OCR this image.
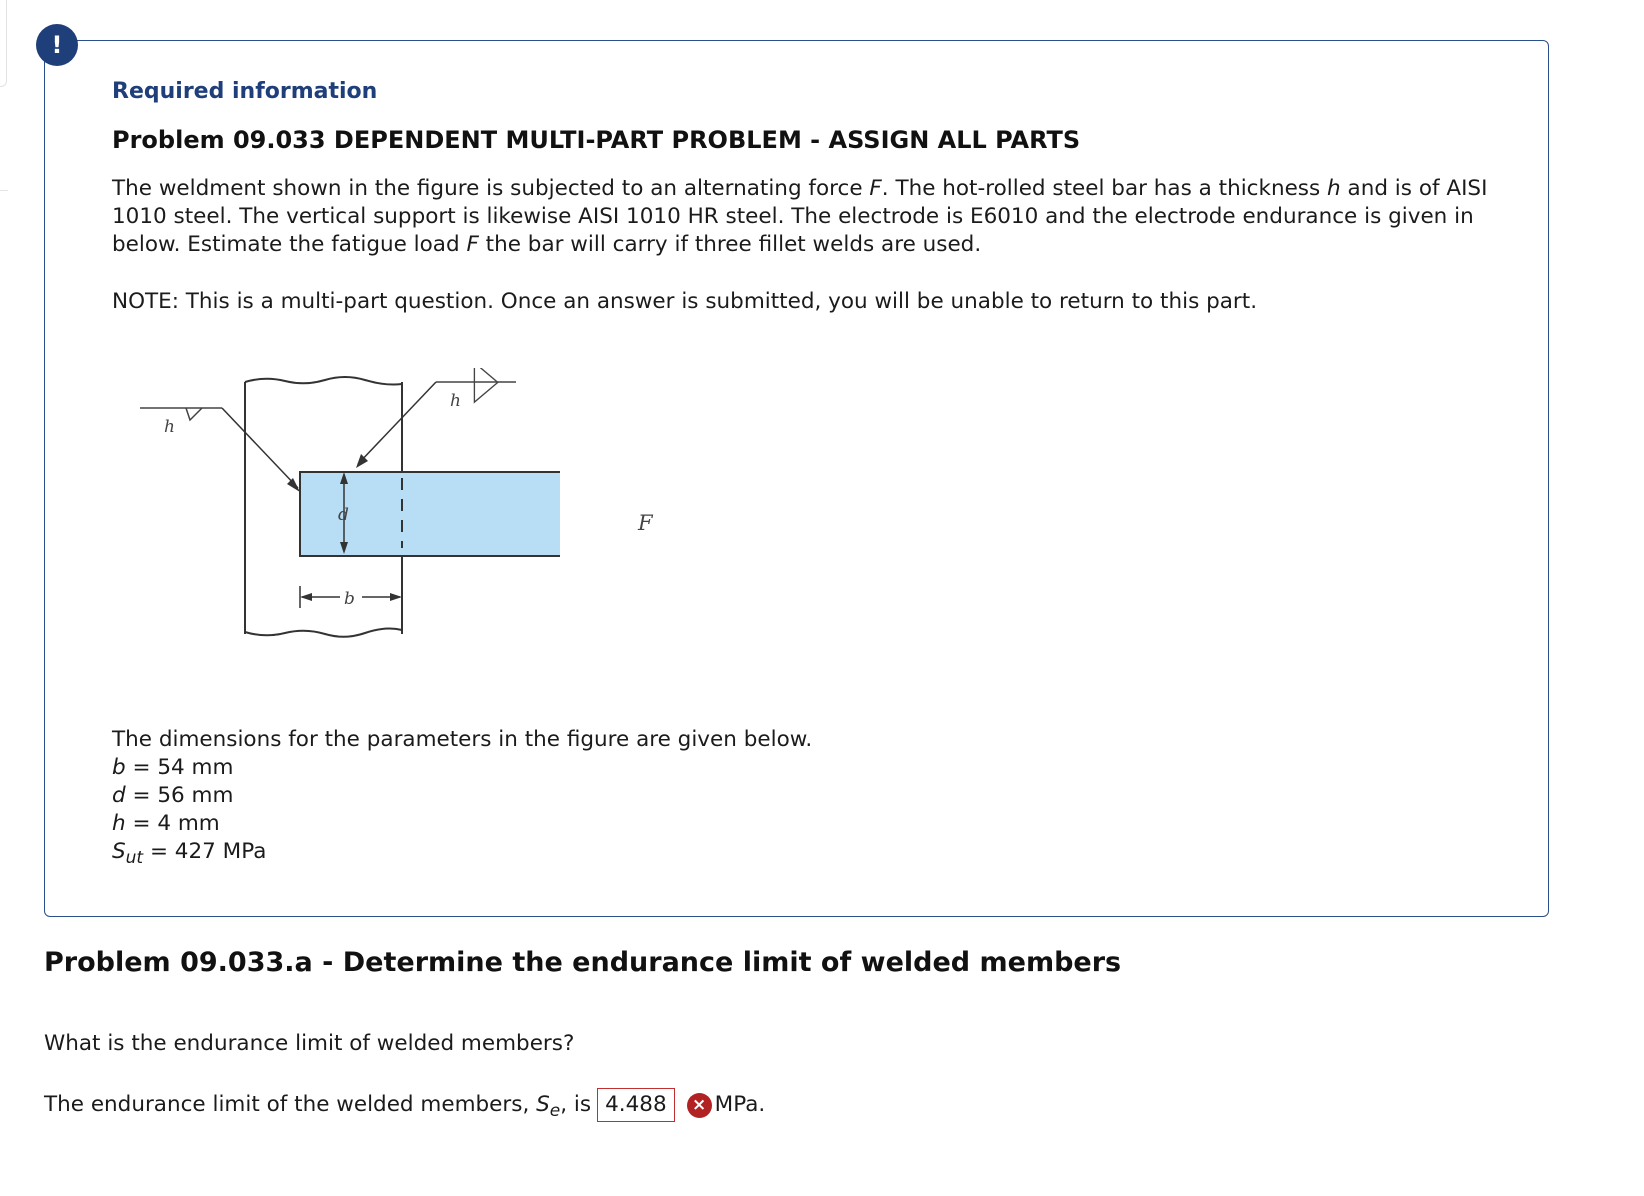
!
Required information
Problem 09.033 DEPENDENT MULTI-PART PROBLEM - ASSIGN ALL PARTS

The weldment shown in the figure is subjected to an alternating force F. The hot-rolled steel bar has a thickness h and is of AISI 1010 steel. The vertical support is likewise AISI 1010 HR steel. The electrode is E6010 and the electrode endurance is given in below. Estimate the fatigue load F the bar will carry if three fillet welds are used.

NOTE: This is a multi-part question. Once an answer is submitted, you will be unable to return to this part.

d
b
h
h
F
The dimensions for the parameters in the figure are given below.
b = 54 mm
d = 56 mm
h = 4 mm
$S_{ut} = 427$ MPa
Problem 09.033.a - Determine the endurance limit of welded members

What is the endurance limit of welded members?

The endurance limit of the welded members, $S_e$, is 4.488 × MPa.
